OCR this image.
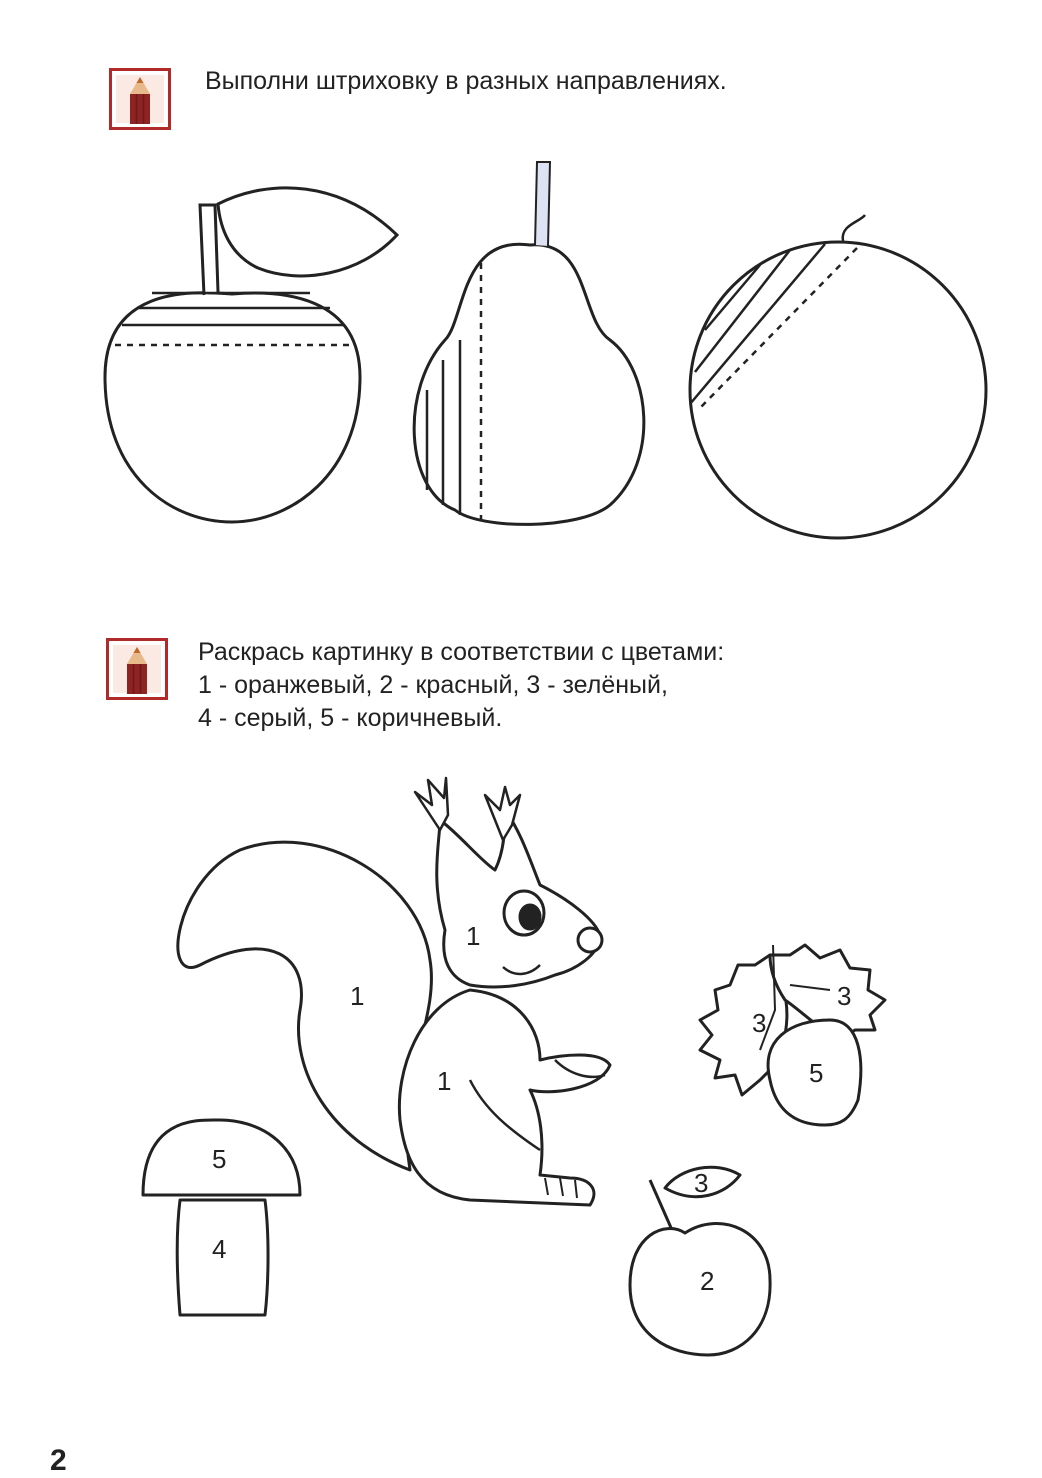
Выполни штриховку в разных направлениях.
Раскрась картинку в соответствии с цветами:
1 - оранжевый, 2 - красный, 3 - зелёный,
4 - серый, 5 - коричневый.
1
1
1
5
4
3
3
5
3
2
2
